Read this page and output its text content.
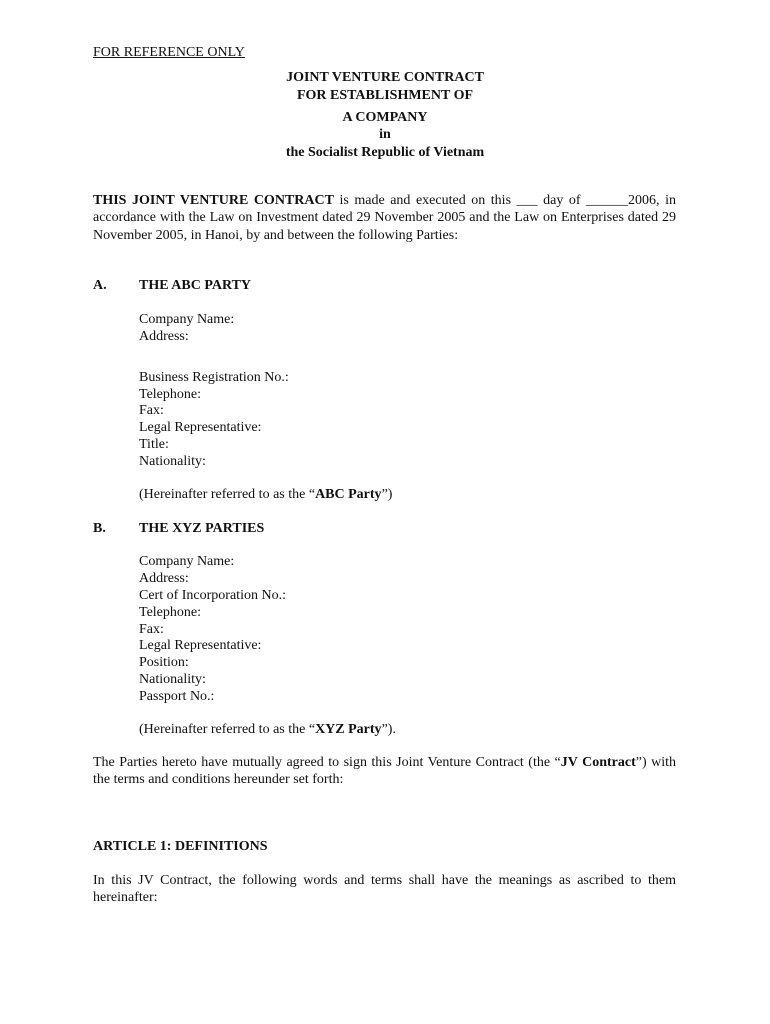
FOR REFERENCE ONLY
JOINT VENTURE CONTRACT
FOR ESTABLISHMENT OF
A COMPANY
in
the Socialist Republic of Vietnam

THIS JOINT VENTURE CONTRACT is made and executed on this ___ day of ______2006, in accordance with the Law on Investment dated 29 November 2005 and the Law on Enterprises dated 29 November 2005, in Hanoi, by and between the following Parties:

A. THE ABC PARTY
Company Name:
Address:
Business Registration No.:
Telephone:
Fax:
Legal Representative:
Title:
Nationality:
(Hereinafter referred to as the “ABC Party”)
B. THE XYZ PARTIES
Company Name:
Address:
Cert of Incorporation No.:
Telephone:
Fax:
Legal Representative:
Position:
Nationality:
Passport No.:
(Hereinafter referred to as the “XYZ Party”).

The Parties hereto have mutually agreed to sign this Joint Venture Contract (the “JV Contract”) with the terms and conditions hereunder set forth:

ARTICLE 1: DEFINITIONS

In this JV Contract, the following words and terms shall have the meanings as ascribed to them hereinafter:
